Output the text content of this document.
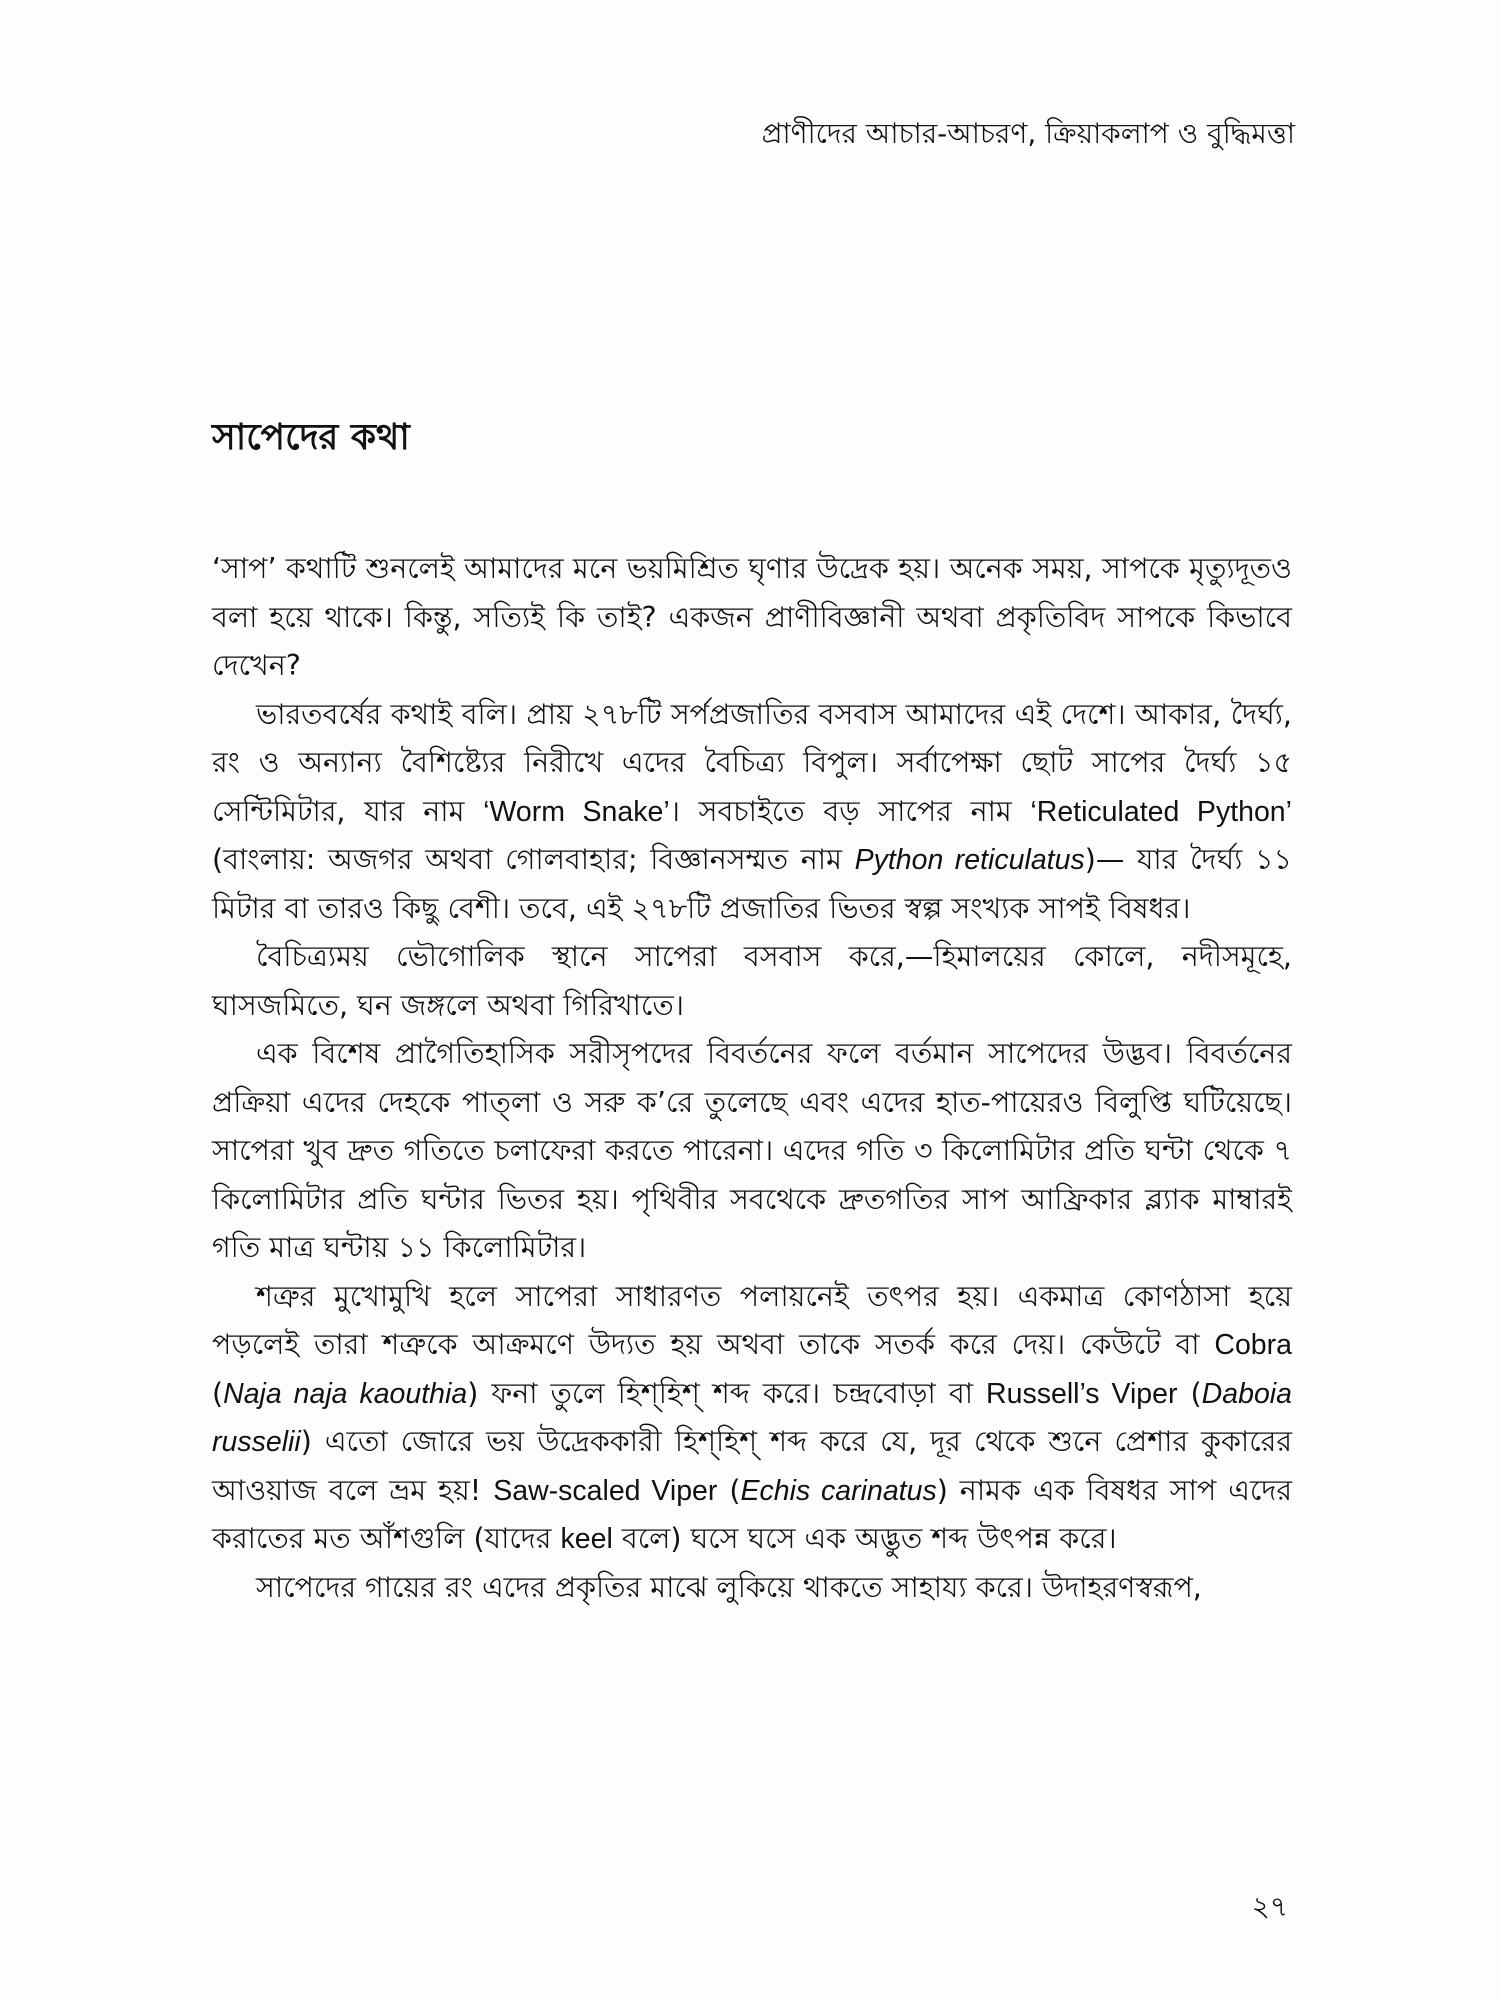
প্রাণীদের আচার-আচরণ, ক্রিয়াকলাপ ও বুদ্ধিমত্তা
সাপেদের কথা

‘সাপ’ কথাটি শুনলেই আমাদের মনে ভয়মিশ্রিত ঘৃণার উদ্রেক হয়। অনেক সময়, সাপকে মৃত্যুদূতও বলা হয়ে থাকে। কিন্তু, সত্যিই কি তাই? একজন প্রাণীবিজ্ঞানী অথবা প্রকৃতিবিদ সাপকে কিভাবে দেখেন?

ভারতবর্ষের কথাই বলি। প্রায় ২৭৮টি সর্পপ্রজাতির বসবাস আমাদের এই দেশে। আকার, দৈর্ঘ্য, রং ও অন্যান্য বৈশিষ্ট্যের নিরীখে এদের বৈচিত্র্য বিপুল। সর্বাপেক্ষা ছোট সাপের দৈর্ঘ্য ১৫ সেন্টিমিটার, যার নাম ‘Worm Snake’। সবচাইতে বড় সাপের নাম ‘Reticulated Python’ (বাংলায়: অজগর অথবা গোলবাহার; বিজ্ঞানসম্মত নাম Python reticulatus)— যার দৈর্ঘ্য ১১ মিটার বা তারও কিছু বেশী। তবে, এই ২৭৮টি প্রজাতির ভিতর স্বল্প সংখ্যক সাপই বিষধর।

বৈচিত্র্যময় ভৌগোলিক স্থানে সাপেরা বসবাস করে,—হিমালয়ের কোলে, নদীসমূহে, ঘাসজমিতে, ঘন জঙ্গলে অথবা গিরিখাতে।

এক বিশেষ প্রাগৈতিহাসিক সরীসৃপদের বিবর্তনের ফলে বর্তমান সাপেদের উদ্ভব। বিবর্তনের প্রক্রিয়া এদের দেহকে পাত্‌লা ও সরু ক’রে তুলেছে এবং এদের হাত-পায়েরও বিলুপ্তি ঘটিয়েছে। সাপেরা খুব দ্রুত গতিতে চলাফেরা করতে পারেনা। এদের গতি ৩ কিলোমিটার প্রতি ঘন্টা থেকে ৭ কিলোমিটার প্রতি ঘন্টার ভিতর হয়। পৃথিবীর সবথেকে দ্রুতগতির সাপ আফ্রিকার ব্ল্যাক মাম্বারই গতি মাত্র ঘন্টায় ১১ কিলোমিটার।

শত্রুর মুখোমুখি হলে সাপেরা সাধারণত পলায়নেই তৎপর হয়। একমাত্র কোণঠাসা হয়ে পড়লেই তারা শত্রুকে আক্রমণে উদ্যত হয় অথবা তাকে সতর্ক করে দেয়। কেউটে বা Cobra (Naja naja kaouthia) ফনা তুলে হিশ্‌হিশ্‌ শব্দ করে। চন্দ্রবোড়া বা Russell’s Viper (Daboia russelii) এতো জোরে ভয় উদ্রেককারী হিশ্‌হিশ্‌ শব্দ করে যে, দূর থেকে শুনে প্রেশার কুকারের আওয়াজ বলে ভ্রম হয়! Saw-scaled Viper (Echis carinatus) নামক এক বিষধর সাপ এদের করাতের মত আঁশগুলি (যাদের keel বলে) ঘসে ঘসে এক অদ্ভুত শব্দ উৎপন্ন করে।

সাপেদের গায়ের রং এদের প্রকৃতির মাঝে লুকিয়ে থাকতে সাহায্য করে। উদাহরণস্বরূপ,

২৭
